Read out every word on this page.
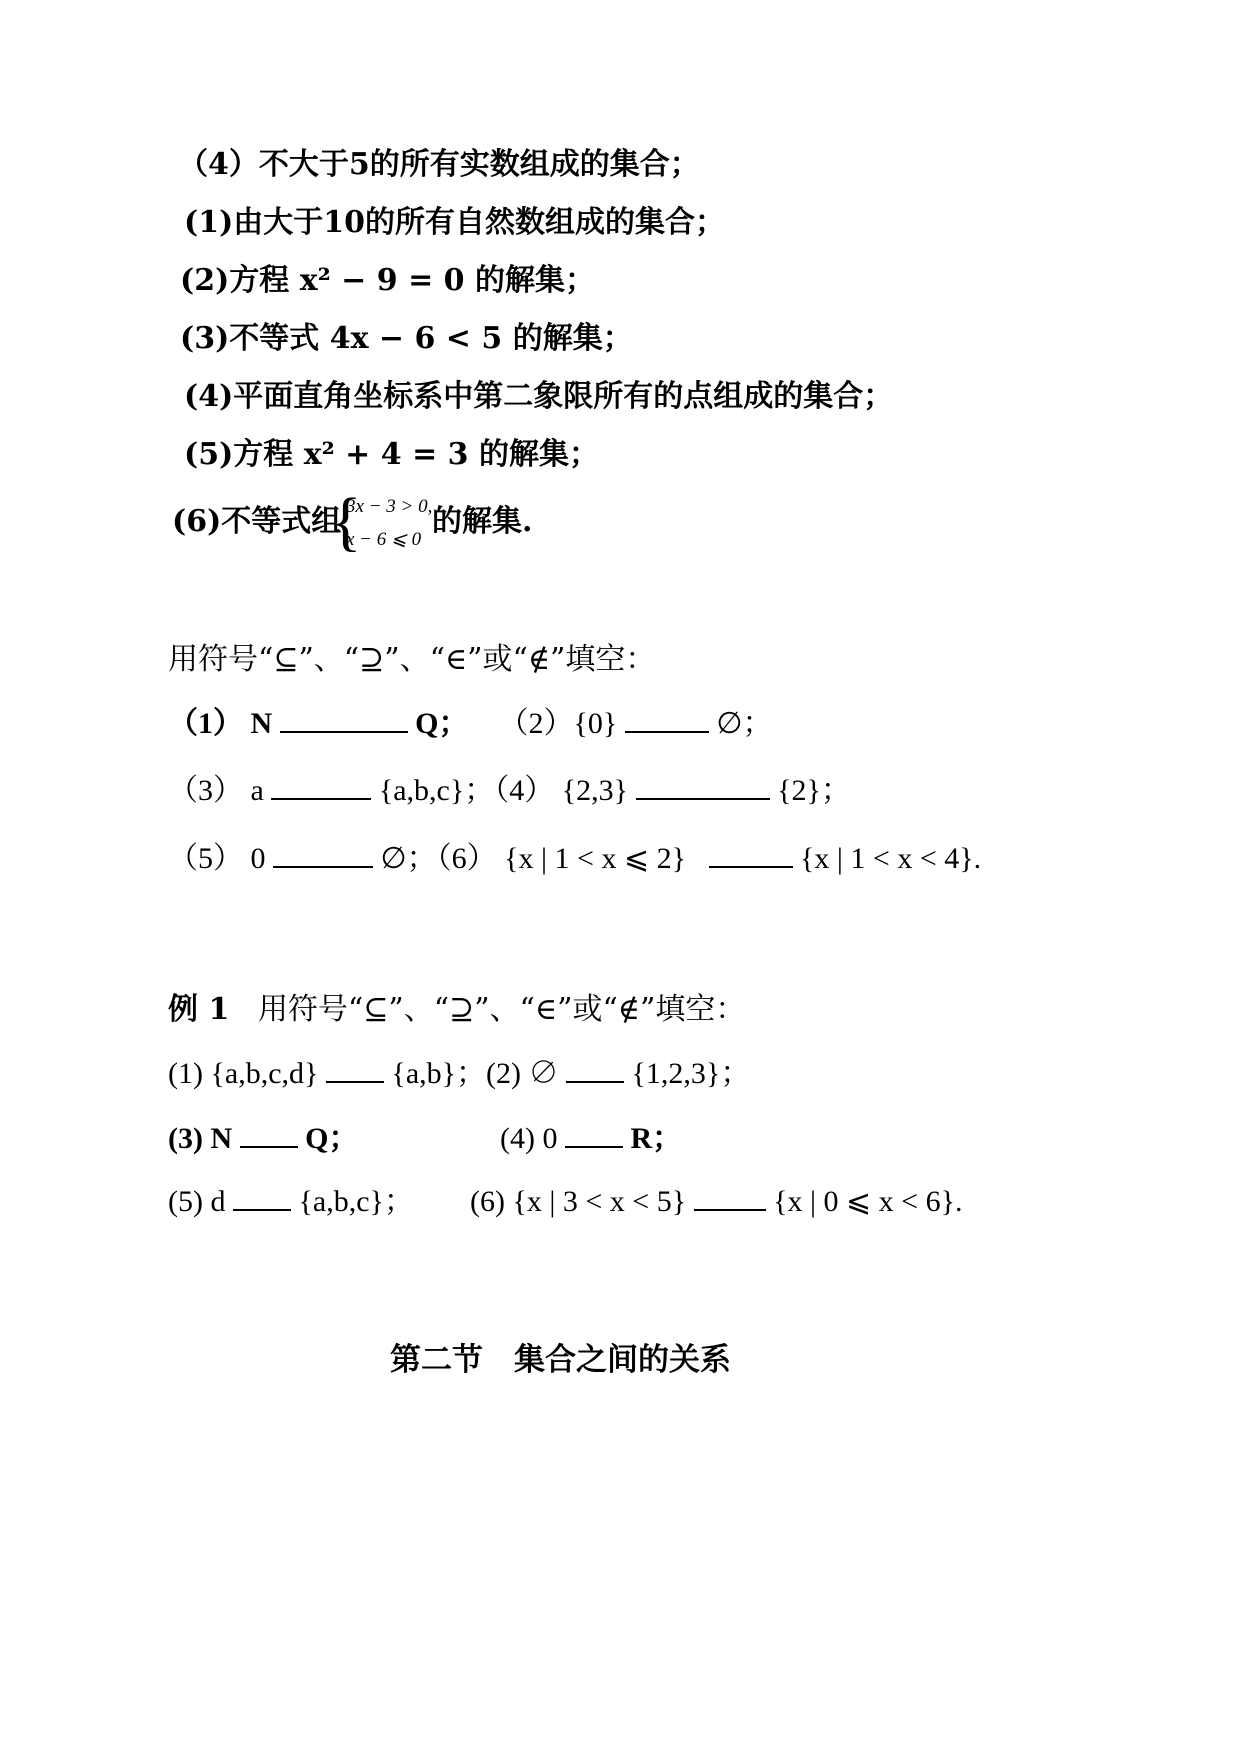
（4）不大于5的所有实数组成的集合；
(1)由大于10的所有自然数组成的集合；
(2)方程 x² − 9 = 0 的解集；
(3)不等式 4x − 6 < 5 的解集；
(4)平面直角坐标系中第二象限所有的点组成的集合；
(5)方程 x² + 4 = 3 的解集；
(6)不等式组
{
3x − 3 > 0,
x − 6 ⩽ 0
的解集.
用符号“⊆”、“⊇”、“∈”或“∉”填空：
（1） N	Q； （2）{0}	∅；
（3） a	{a,b,c}；（4） {2,3}	{2}；
（5） 0	∅；（6） {x | 1 < x ⩽ 2}	{x | 1 < x < 4}.
例 1 用符号“⊆”、“⊇”、“∈”或“∉”填空：
(1) {a,b,c,d} {a,b}；(2) ∅ {1,2,3}；
(3) N Q；	(4) 0 R；
(5) d {a,b,c}； (6) {x | 3 < x < 5}	{x | 0 ⩽ x < 6}.
第二节　集合之间的关系
